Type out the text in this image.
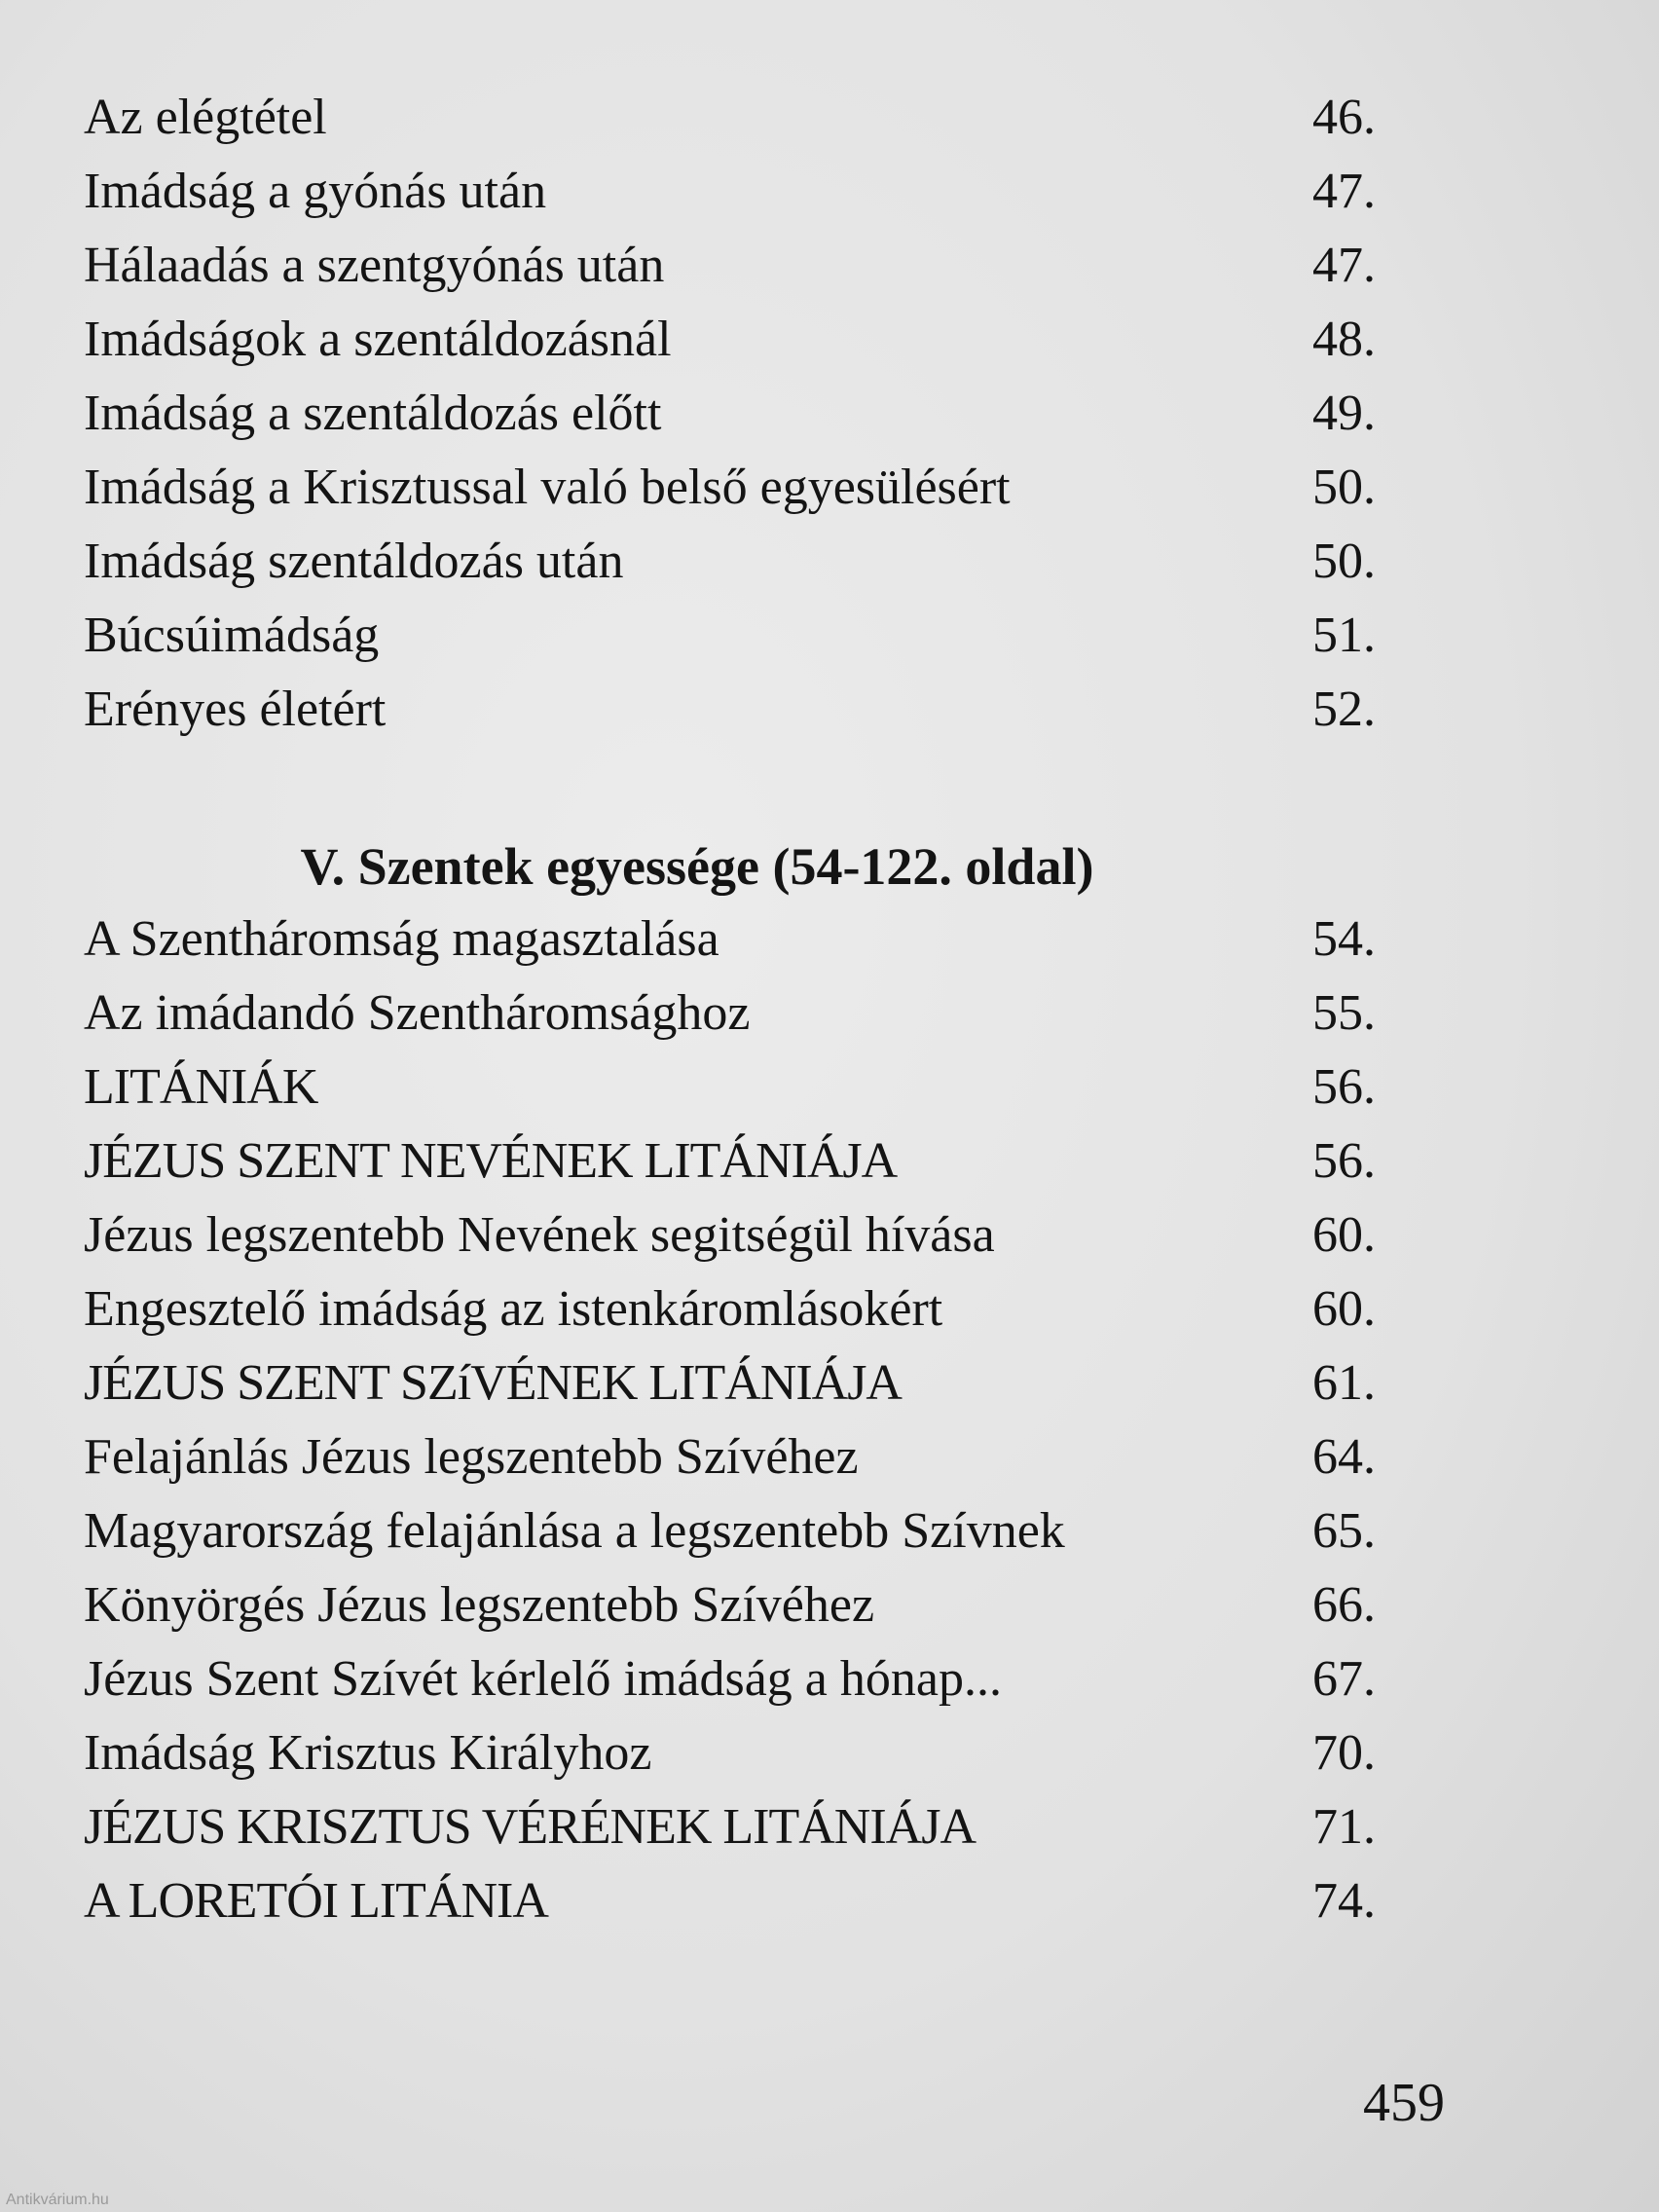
Az elégtétel	46.
Imádság a gyónás után	47.
Hálaadás a szentgyónás után	47.
Imádságok a szentáldozásnál	48.
Imádság a szentáldozás előtt	49.
Imádság a Krisztussal való belső egyesülésért	50.
Imádság szentáldozás után	50.
Búcsúimádság	51.
Erényes életért	52.
V. Szentek egyessége (54-122. oldal)
A Szentháromság magasztalása	54.
Az imádandó Szentháromsághoz	55.
LITÁNIÁK	56.
JÉZUS SZENT NEVÉNEK LITÁNIÁJA	56.
Jézus legszentebb Nevének segitségül hívása	60.
Engesztelő imádság az istenkáromlásokért	60.
JÉZUS SZENT SZíVÉNEK LITÁNIÁJA	61.
Felajánlás Jézus legszentebb Szívéhez	64.
Magyarország felajánlása a legszentebb Szívnek	65.
Könyörgés Jézus legszentebb Szívéhez	66.
Jézus Szent Szívét kérlelő imádság a hónap...	67.
Imádság Krisztus Királyhoz	70.
JÉZUS KRISZTUS VÉRÉNEK LITÁNIÁJA	71.
A LORETÓI LITÁNIA	74.
459
Antikvárium.hu
